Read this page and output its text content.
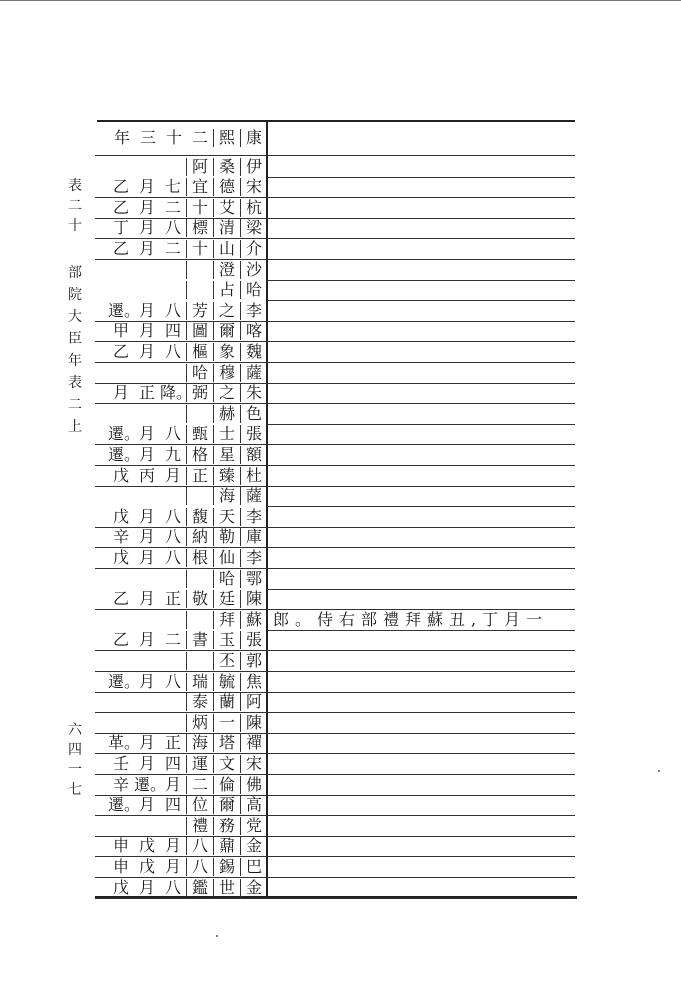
表
二
十
部
院
大
臣
年
表
二
上
六
四
一
七
年 三 十 二 熙 康
阿 桑 伊
乙 月 七 宜 德 宋
乙 月 二 十 艾 杭
丁 月 八 標 清 梁
乙 月 二 十 山 介
澄 沙
占 哈
遷。
月 八 芳 之 李
甲 月 四 圖 爾 喀
乙 月 八 樞 象 魏
哈 穆 薩
月 正 降。 弼 之 朱
赫 色
遷。
月 八 甄 士 張
遷。
月 九 格 星 額
戊 丙 月 正 臻 杜
海 薩
戊 月 八 馥 天 李
辛 月 八 納 勒 庫
戊 月 八 根 仙 李
哈 鄂
乙 月 正 敬 廷 陳
拜 蘇 郎。侍右部禮拜蘇丑,丁月一
乙 月 二 書 玉 張
丕 郭
遷。
月 八 瑞 毓 焦
泰 蘭 阿
炳 一 陳
革。
月 正 海 塔 禪
壬 月 四 運 文 宋
辛 遷。
月 二 倫 佛
遷。
月 四 位 爾 高
禮 務 党
申 戊 月 八 鼐 金
申 戊 月 八 錫 巴
戊 月 八 鑑 世 金
